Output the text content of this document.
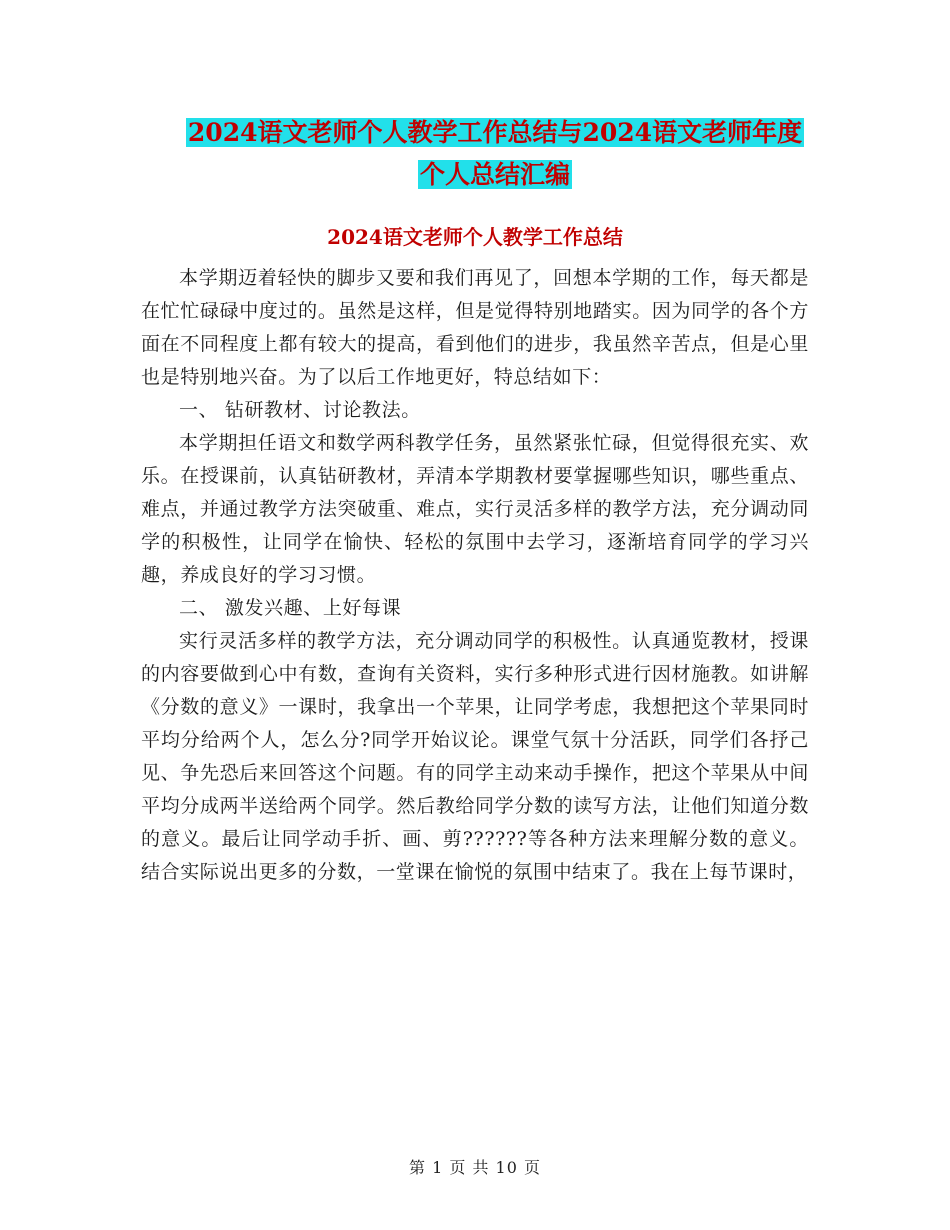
2024语文老师个人教学工作总结与2024语文老师年度
个人总结汇编
2024语文老师个人教学工作总结

本学期迈着轻快的脚步又要和我们再见了，回想本学期的工作，每天都是在忙忙碌碌中度过的。虽然是这样，但是觉得特别地踏实。因为同学的各个方面在不同程度上都有较大的提高，看到他们的进步，我虽然辛苦点，但是心里也是特别地兴奋。为了以后工作地更好，特总结如下：

一、 钻研教材、讨论教法。

本学期担任语文和数学两科教学任务，虽然紧张忙碌，但觉得很充实、欢乐。在授课前，认真钻研教材，弄清本学期教材要掌握哪些知识，哪些重点、难点，并通过教学方法突破重、难点，实行灵活多样的教学方法，充分调动同学的积极性，让同学在愉快、轻松的氛围中去学习，逐渐培育同学的学习兴趣，养成良好的学习习惯。

二、 激发兴趣、上好每课

实行灵活多样的教学方法，充分调动同学的积极性。认真通览教材，授课的内容要做到心中有数，查询有关资料，实行多种形式进行因材施教。如讲解《分数的意义》一课时，我拿出一个苹果，让同学考虑，我想把这个苹果同时平均分给两个人，怎么分?同学开始议论。课堂气氛十分活跃，同学们各抒己见、争先恐后来回答这个问题。有的同学主动来动手操作，把这个苹果从中间平均分成两半送给两个同学。然后教给同学分数的读写方法，让他们知道分数的意义。最后让同学动手折、画、剪??????等各种方法来理解分数的意义。结合实际说出更多的分数，一堂课在愉悦的氛围中结束了。我在上每节课时，

第 1 页 共 10 页
